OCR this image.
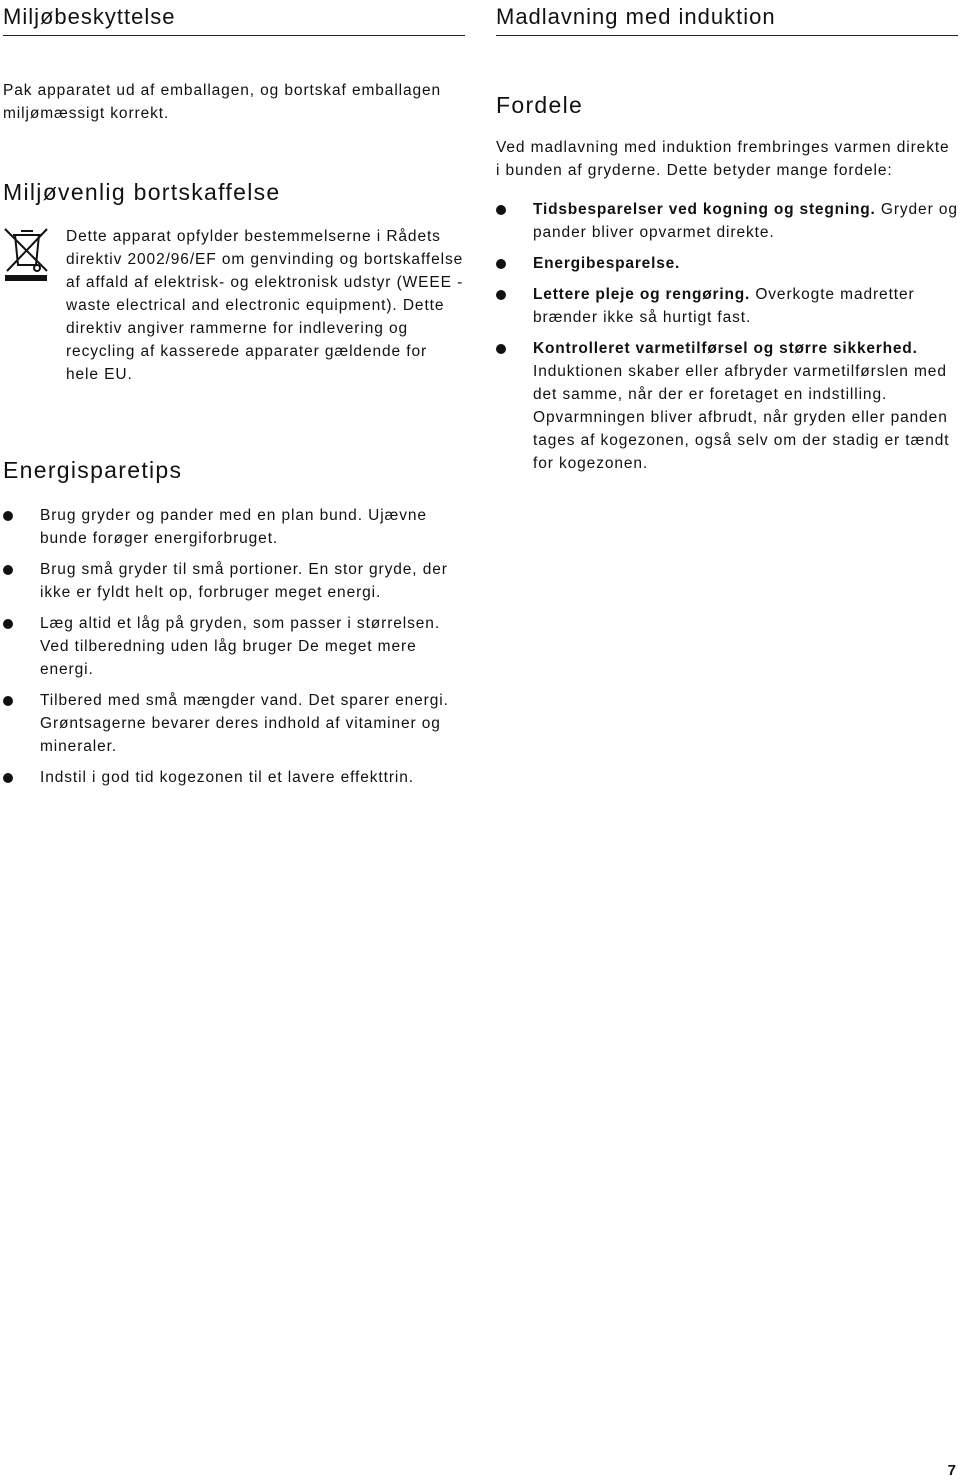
Miljøbeskyttelse

Pak apparatet ud af emballagen, og bortskaf emballagen miljømæssigt korrekt.

Miljøvenlig bortskaffelse

Dette apparat opfylder bestemmelserne i Rådets direktiv 2002/96/EF om genvinding og bortskaffelse af affald af elektrisk- og elektronisk udstyr (WEEE - waste electrical and electronic equipment). Dette direktiv angiver rammerne for indlevering og recycling af kasserede apparater gældende for hele EU.

Energisparetips
Brug gryder og pander med en plan bund. Ujævne bunde forøger energiforbruget.
Brug små gryder til små portioner. En stor gryde, der ikke er fyldt helt op, forbruger meget energi.
Læg altid et låg på gryden, som passer i størrelsen. Ved tilberedning uden låg bruger De meget mere energi.
Tilbered med små mængder vand. Det sparer energi. Grøntsagerne bevarer deres indhold af vitaminer og mineraler.
Indstil i god tid kogezonen til et lavere effekttrin.
Madlavning med induktion
Fordele

Ved madlavning med induktion frembringes varmen direkte i bunden af gryderne. Dette betyder mange fordele:

Tidsbesparelser ved kogning og stegning. Gryder og pander bliver opvarmet direkte.
Energibesparelse.
Lettere pleje og rengøring. Overkogte madretter brænder ikke så hurtigt fast.
Kontrolleret varmetilførsel og større sikkerhed. Induktionen skaber eller afbryder varmetilførslen med det samme, når der er foretaget en indstilling. Opvarmningen bliver afbrudt, når gryden eller panden tages af kogezonen, også selv om der stadig er tændt for kogezonen.
7
